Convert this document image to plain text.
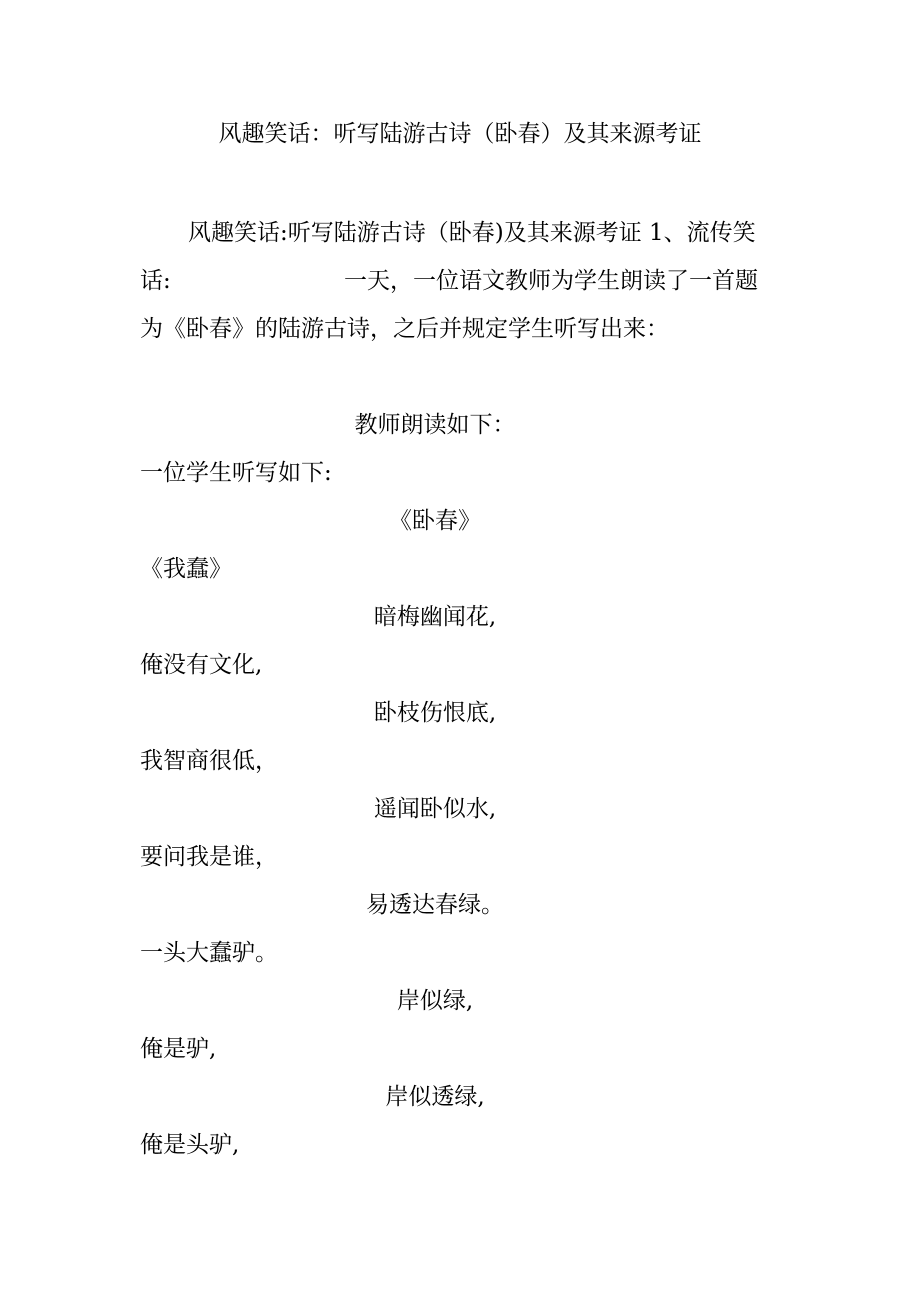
风趣笑话：听写陆游古诗（卧春）及其来源考证
风趣笑话:听写陆游古诗（卧春)及其来源考证 1、流传笑
话:	一天，一位语文教师为学生朗读了一首题
为《卧春》的陆游古诗，之后并规定学生听写出来：
教师朗读如下：
一位学生听写如下:
《卧春》
《我蠢》
暗梅幽闻花,
俺没有文化,
卧枝伤恨底,
我智商很低，
遥闻卧似水,
要问我是谁，
易透达春绿。
一头大蠢驴。
岸似绿,
俺是驴,
岸似透绿,
俺是头驴,
